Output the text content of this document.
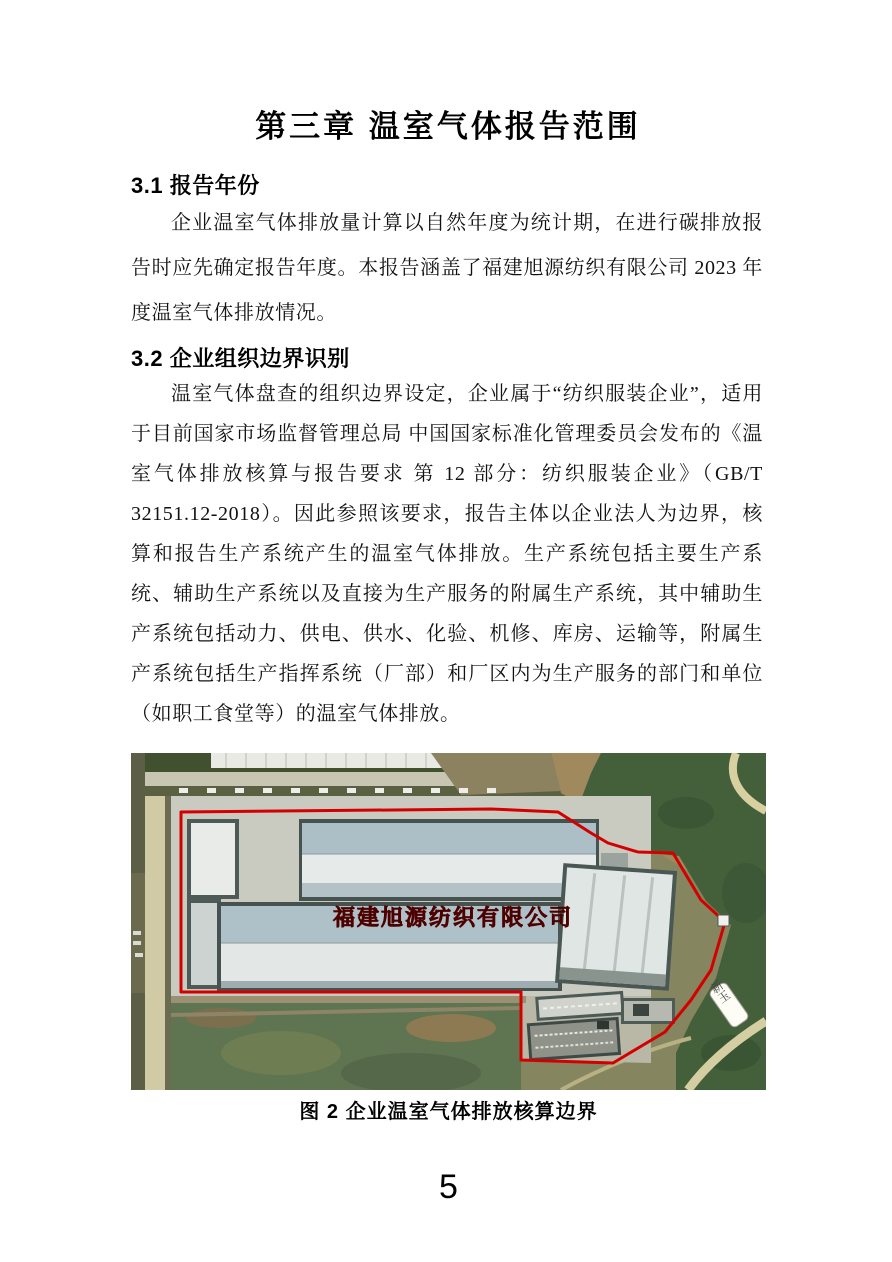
第三章 温室气体报告范围
3.1 报告年份

企业温室气体排放量计算以自然年度为统计期，在进行碳排放报告时应先确定报告年度。本报告涵盖了福建旭源纺织有限公司 2023 年度温室气体排放情况。

3.2 企业组织边界识别

温室气体盘查的组织边界设定，企业属于“纺织服装企业”，适用于目前国家市场监督管理总局 中国国家标准化管理委员会发布的《温室气体排放核算与报告要求 第 12 部分：纺织服装企业》（GB/T 32151.12-2018）。因此参照该要求，报告主体以企业法人为边界，核算和报告生产系统产生的温室气体排放。生产系统包括主要生产系统、辅助生产系统以及直接为生产服务的附属生产系统，其中辅助生产系统包括动力、供电、供水、化验、机修、库房、运输等，附属生产系统包括生产指挥系统（厂部）和厂区内为生产服务的部门和单位（如职工食堂等）的温室气体排放。

福建旭源纺织有限公司
新玉

图 2 企业温室气体排放核算边界

5
